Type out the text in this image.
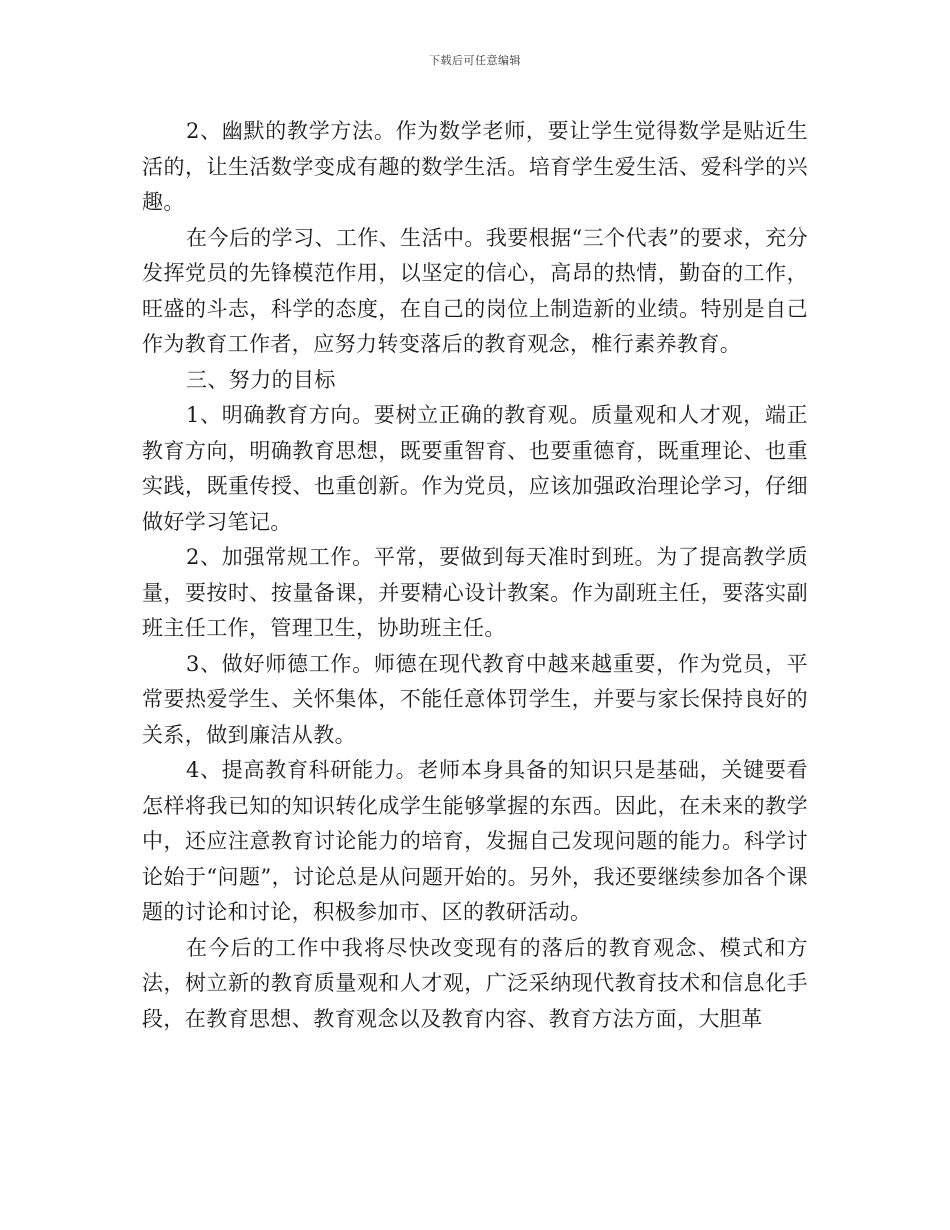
下载后可任意编辑

2、幽默的教学方法。作为数学老师，要让学生觉得数学是贴近生活的，让生活数学变成有趣的数学生活。培育学生爱生活、爱科学的兴趣。

在今后的学习、工作、生活中。我要根据“三个代表”的要求，充分发挥党员的先锋模范作用，以坚定的信心，高昂的热情，勤奋的工作，旺盛的斗志，科学的态度，在自己的岗位上制造新的业绩。特别是自己作为教育工作者，应努力转变落后的教育观念，椎行素养教育。

三、努力的目标

1、明确教育方向。要树立正确的教育观。质量观和人才观，端正教育方向，明确教育思想，既要重智育、也要重德育，既重理论、也重实践，既重传授、也重创新。作为党员，应该加强政治理论学习，仔细做好学习笔记。

2、加强常规工作。平常，要做到每天准时到班。为了提高教学质量，要按时、按量备课，并要精心设计教案。作为副班主任，要落实副班主任工作，管理卫生，协助班主任。

3、做好师德工作。师德在现代教育中越来越重要，作为党员，平常要热爱学生、关怀集体，不能任意体罚学生，并要与家长保持良好的关系，做到廉洁从教。

4、提高教育科研能力。老师本身具备的知识只是基础，关键要看怎样将我已知的知识转化成学生能够掌握的东西。因此，在未来的教学中，还应注意教育讨论能力的培育，发掘自己发现问题的能力。科学讨论始于“问题”，讨论总是从问题开始的。另外，我还要继续参加各个课题的讨论和讨论，积极参加市、区的教研活动。

在今后的工作中我将尽快改变现有的落后的教育观念、模式和方法，树立新的教育质量观和人才观，广泛采纳现代教育技术和信息化手段，在教育思想、教育观念以及教育内容、教育方法方面，大胆革
